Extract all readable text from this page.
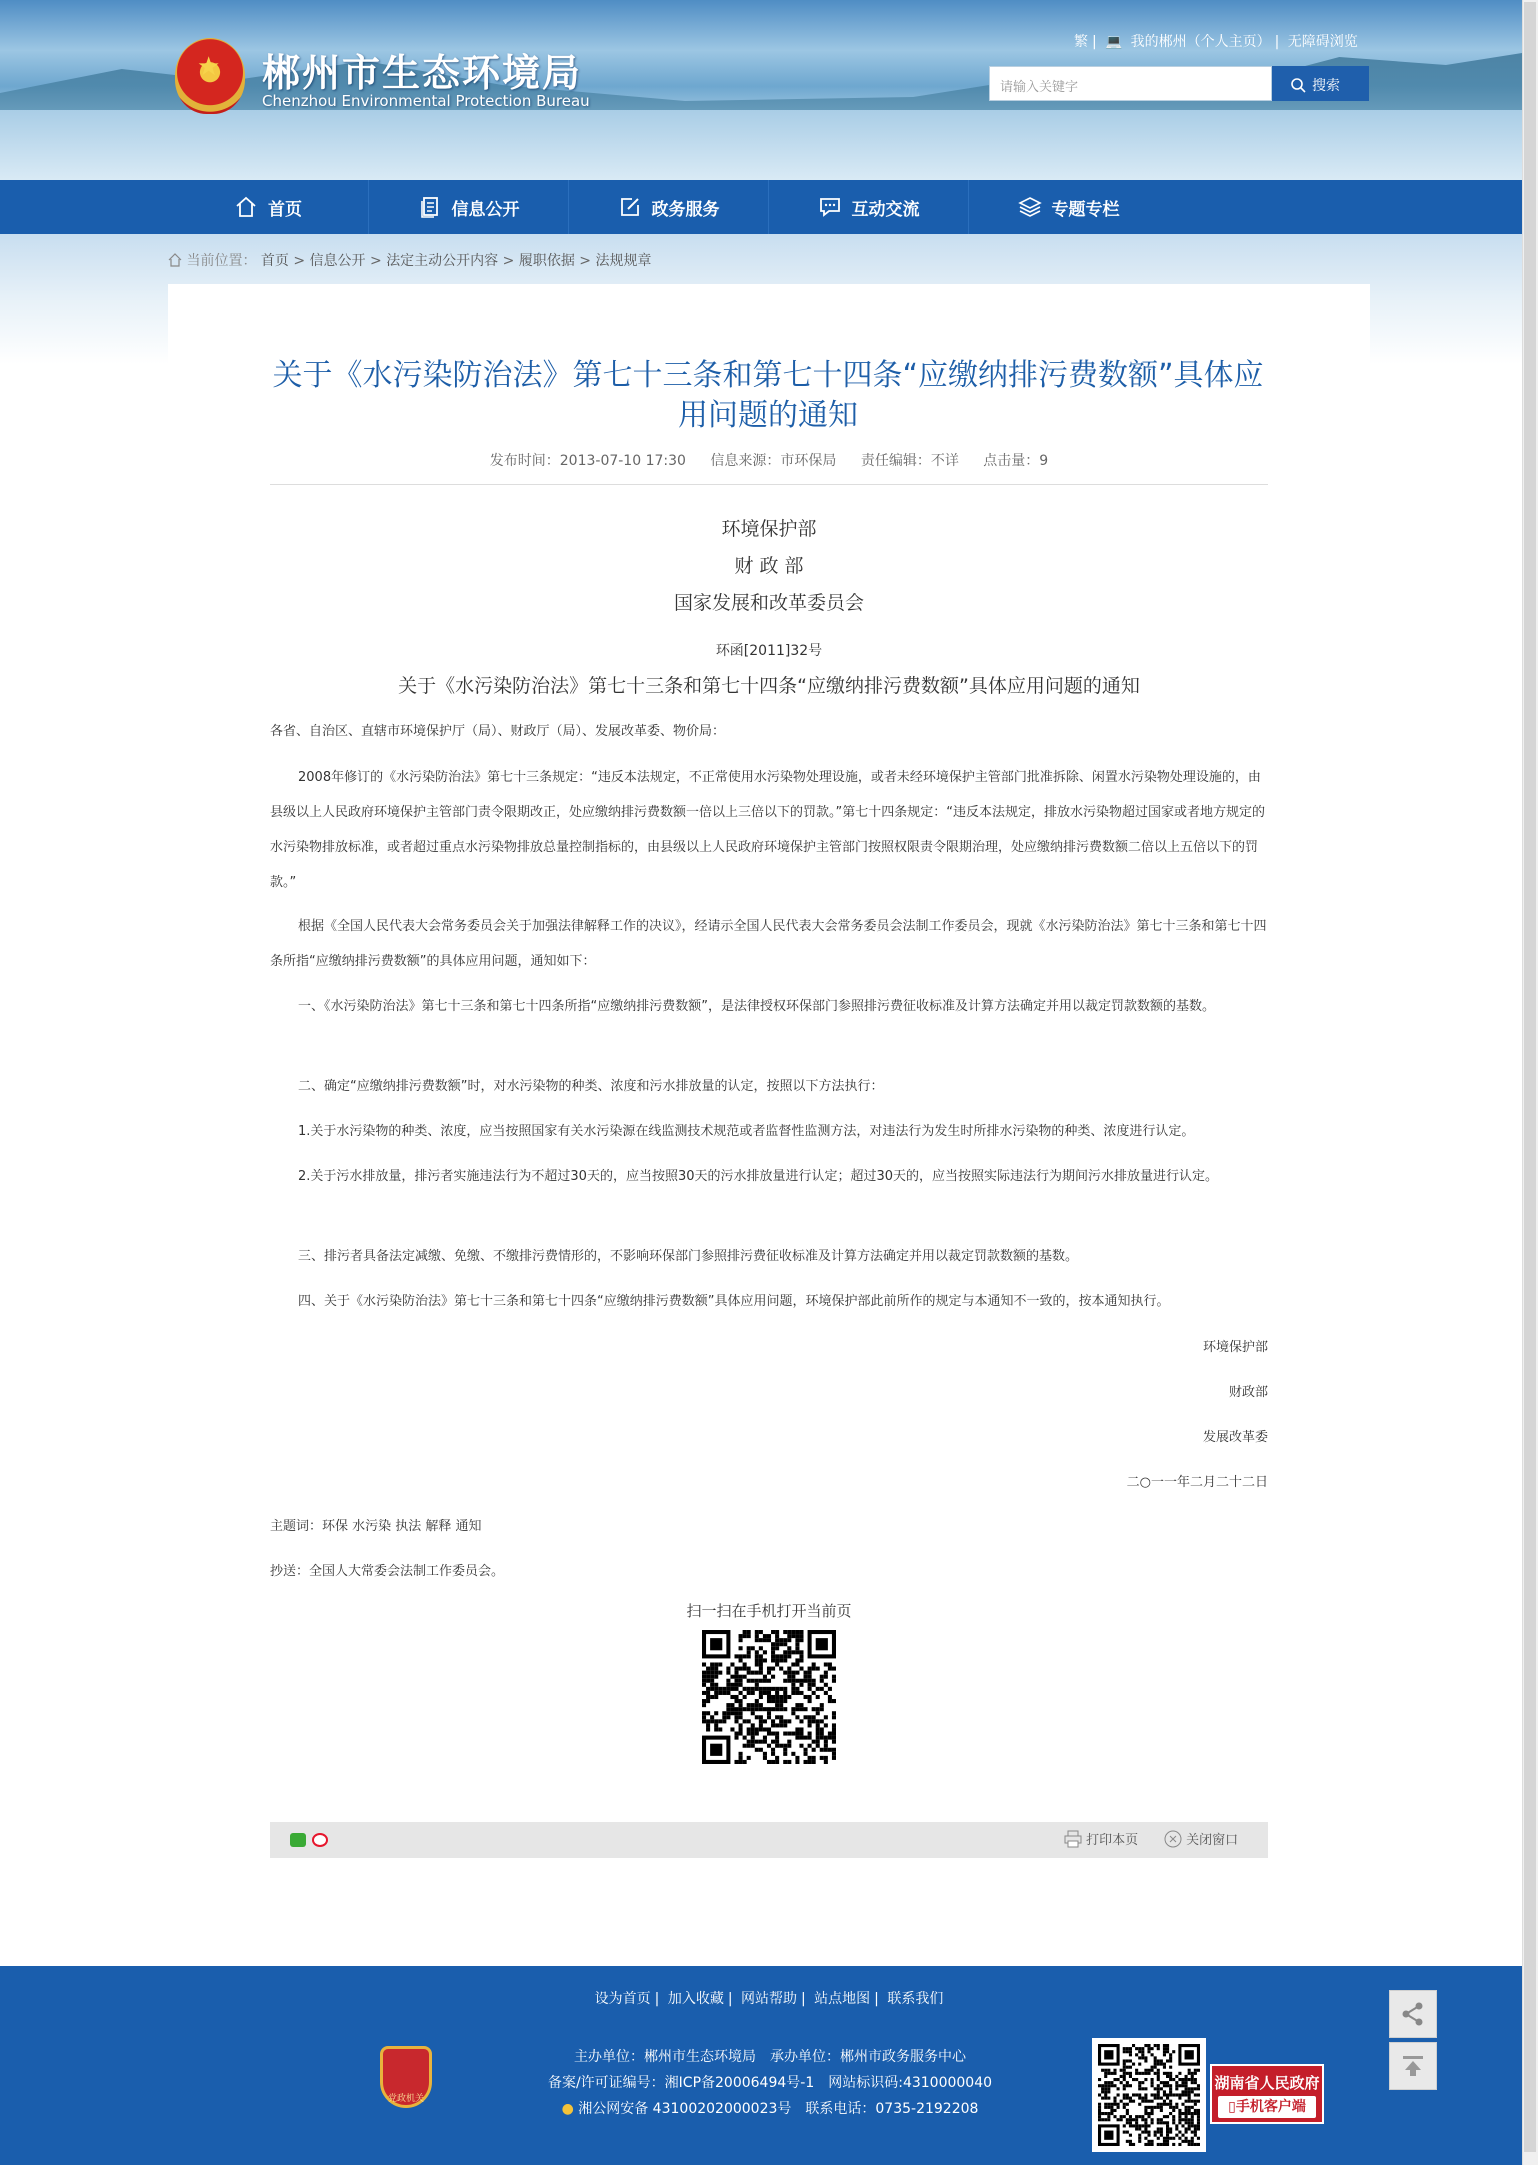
★ 郴州市生态环境局
Chenzhou Environmental Protection Bureau
繁 | 💻 我的郴州（个人主页） | 无障碍浏览
请输入关键字	搜索
首页	信息公开	政务服务	互动交流	专题专栏
当前位置： 首页 > 信息公开 > 法定主动公开内容 > 履职依据 > 法规规章
关于《水污染防治法》第七十三条和第七十四条“应缴纳排污费数额”具体应用问题的通知
发布时间：2013-07-10 17:30 信息来源：市环保局 责任编辑：不详 点击量：9
环境保护部
财 政 部
国家发展和改革委员会
环函[2011]32号
关于《水污染防治法》第七十三条和第七十四条“应缴纳排污费数额”具体应用问题的通知
各省、自治区、直辖市环境保护厅（局）、财政厅（局）、发展改革委、物价局：
2008年修订的《水污染防治法》第七十三条规定：“违反本法规定，不正常使用水污染物处理设施，或者未经环境保护主管部门批准拆除、闲置水污染物处理设施的，由县级以上人民政府环境保护主管部门责令限期改正，处应缴纳排污费数额一倍以上三倍以下的罚款。”第七十四条规定：“违反本法规定，排放水污染物超过国家或者地方规定的水污染物排放标准，或者超过重点水污染物排放总量控制指标的，由县级以上人民政府环境保护主管部门按照权限责令限期治理，处应缴纳排污费数额二倍以上五倍以下的罚款。”
根据《全国人民代表大会常务委员会关于加强法律解释工作的决议》，经请示全国人民代表大会常务委员会法制工作委员会，现就《水污染防治法》第七十三条和第七十四条所指“应缴纳排污费数额”的具体应用问题，通知如下：
一、《水污染防治法》第七十三条和第七十四条所指“应缴纳排污费数额”，是法律授权环保部门参照排污费征收标准及计算方法确定并用以裁定罚款数额的基数。
二、确定“应缴纳排污费数额”时，对水污染物的种类、浓度和污水排放量的认定，按照以下方法执行：
1.关于水污染物的种类、浓度，应当按照国家有关水污染源在线监测技术规范或者监督性监测方法，对违法行为发生时所排水污染物的种类、浓度进行认定。
2.关于污水排放量，排污者实施违法行为不超过30天的，应当按照30天的污水排放量进行认定；超过30天的，应当按照实际违法行为期间污水排放量进行认定。
三、排污者具备法定减缴、免缴、不缴排污费情形的，不影响环保部门参照排污费征收标准及计算方法确定并用以裁定罚款数额的基数。
四、关于《水污染防治法》第七十三条和第七十四条“应缴纳排污费数额”具体应用问题，环境保护部此前所作的规定与本通知不一致的，按本通知执行。
环境保护部
财政部
发展改革委
二○一一年二月二十二日
主题词：环保 水污染 执法 解释 通知
抄送：全国人大常委会法制工作委员会。
扫一扫在手机打开当前页
打印本页	关闭窗口
设为首页 | 加入收藏 | 网站帮助 | 站点地图 | 联系我们
党政机关
主办单位：郴州市生态环境局　承办单位：郴州市政务服务中心
备案/许可证编号：湘ICP备20006494号-1　网站标识码:4310000040
● 湘公网安备 43100202000023号　联系电话：0735-2192208
湖南省人民政府
▯手机客户端
